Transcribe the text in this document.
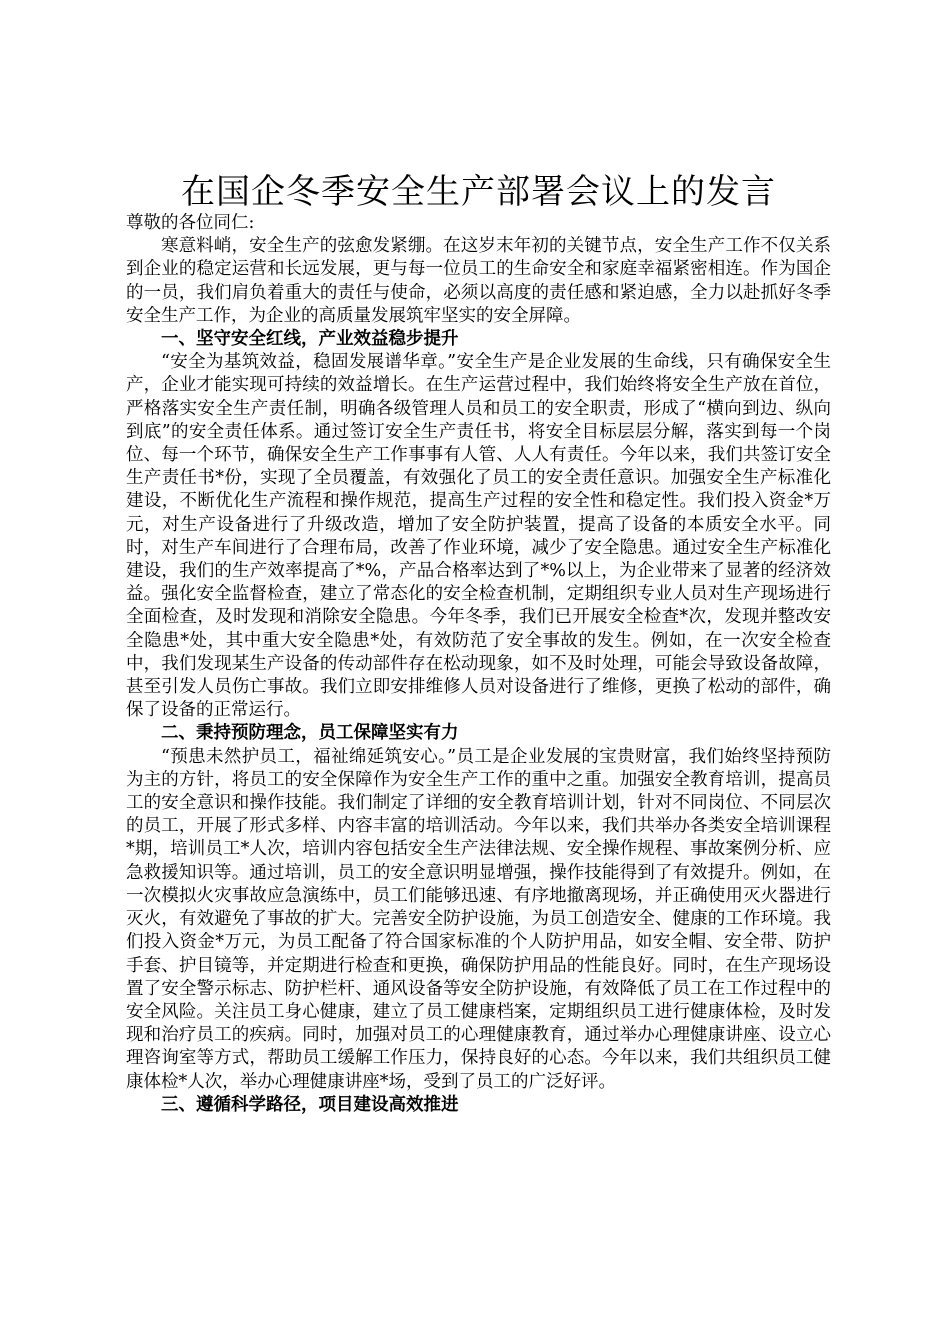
在国企冬季安全生产部署会议上的发言

尊敬的各位同仁:

寒意料峭，安全生产的弦愈发紧绷。在这岁末年初的关键节点，安全生产工作不仅关系到企业的稳定运营和长远发展，更与每一位员工的生命安全和家庭幸福紧密相连。作为国企的一员，我们肩负着重大的责任与使命，必须以高度的责任感和紧迫感，全力以赴抓好冬季安全生产工作，为企业的高质量发展筑牢坚实的安全屏障。

一、坚守安全红线，产业效益稳步提升

“安全为基筑效益，稳固发展谱华章。”安全生产是企业发展的生命线，只有确保安全生产，企业才能实现可持续的效益增长。在生产运营过程中，我们始终将安全生产放在首位，严格落实安全生产责任制，明确各级管理人员和员工的安全职责，形成了“横向到边、纵向到底”的安全责任体系。通过签订安全生产责任书，将安全目标层层分解，落实到每一个岗位、每一个环节，确保安全生产工作事事有人管、人人有责任。今年以来，我们共签订安全生产责任书*份，实现了全员覆盖，有效强化了员工的安全责任意识。加强安全生产标准化建设，不断优化生产流程和操作规范，提高生产过程的安全性和稳定性。我们投入资金*万元，对生产设备进行了升级改造，增加了安全防护装置，提高了设备的本质安全水平。同时，对生产车间进行了合理布局，改善了作业环境，减少了安全隐患。通过安全生产标准化建设，我们的生产效率提高了*%，产品合格率达到了*%以上，为企业带来了显著的经济效益。强化安全监督检查，建立了常态化的安全检查机制，定期组织专业人员对生产现场进行全面检查，及时发现和消除安全隐患。今年冬季，我们已开展安全检查*次，发现并整改安全隐患*处，其中重大安全隐患*处，有效防范了安全事故的发生。例如，在一次安全检查中，我们发现某生产设备的传动部件存在松动现象，如不及时处理，可能会导致设备故障，甚至引发人员伤亡事故。我们立即安排维修人员对设备进行了维修，更换了松动的部件，确保了设备的正常运行。

二、秉持预防理念，员工保障坚实有力

“预患未然护员工，福祉绵延筑安心。”员工是企业发展的宝贵财富，我们始终坚持预防为主的方针，将员工的安全保障作为安全生产工作的重中之重。加强安全教育培训，提高员工的安全意识和操作技能。我们制定了详细的安全教育培训计划，针对不同岗位、不同层次的员工，开展了形式多样、内容丰富的培训活动。今年以来，我们共举办各类安全培训课程*期，培训员工*人次，培训内容包括安全生产法律法规、安全操作规程、事故案例分析、应急救援知识等。通过培训，员工的安全意识明显增强，操作技能得到了有效提升。例如，在一次模拟火灾事故应急演练中，员工们能够迅速、有序地撤离现场，并正确使用灭火器进行灭火，有效避免了事故的扩大。完善安全防护设施，为员工创造安全、健康的工作环境。我们投入资金*万元，为员工配备了符合国家标准的个人防护用品，如安全帽、安全带、防护手套、护目镜等，并定期进行检查和更换，确保防护用品的性能良好。同时，在生产现场设置了安全警示标志、防护栏杆、通风设备等安全防护设施，有效降低了员工在工作过程中的安全风险。关注员工身心健康，建立了员工健康档案，定期组织员工进行健康体检，及时发现和治疗员工的疾病。同时，加强对员工的心理健康教育，通过举办心理健康讲座、设立心理咨询室等方式，帮助员工缓解工作压力，保持良好的心态。今年以来，我们共组织员工健康体检*人次，举办心理健康讲座*场，受到了员工的广泛好评。

三、遵循科学路径，项目建设高效推进
